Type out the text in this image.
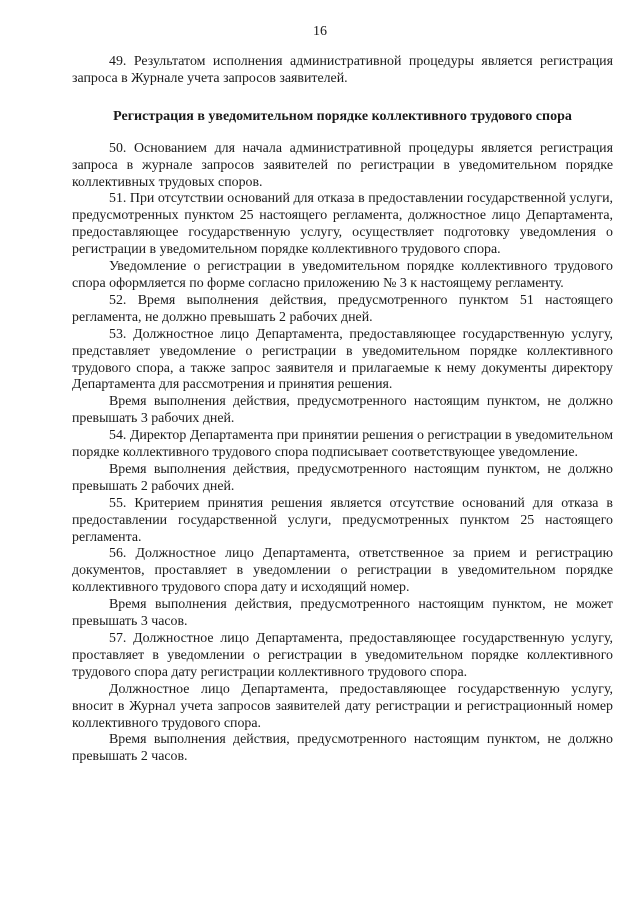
16

49. Результатом исполнения административной процедуры является регистрация запроса в Журнале учета запросов заявителей.

Регистрация в уведомительном порядке коллективного трудового спора

50. Основанием для начала административной процедуры является регистрация запроса в журнале запросов заявителей по регистрации в уведомительном порядке коллективных трудовых споров.

51. При отсутствии оснований для отказа в предоставлении государственной услуги, предусмотренных пунктом 25 настоящего регламента, должностное лицо Департамента, предоставляющее государственную услугу, осуществляет подготовку уведомления о регистрации в уведомительном порядке коллективного трудового спора.

Уведомление о регистрации в уведомительном порядке коллективного трудового спора оформляется по форме согласно приложению № 3 к настоящему регламенту.

52. Время выполнения действия, предусмотренного пунктом 51 настоящего регламента, не должно превышать 2 рабочих дней.

53. Должностное лицо Департамента, предоставляющее государственную услугу, представляет уведомление о регистрации в уведомительном порядке коллективного трудового спора, а также запрос заявителя и прилагаемые к нему документы директору Департамента для рассмотрения и принятия решения.

Время выполнения действия, предусмотренного настоящим пунктом, не должно превышать 3 рабочих дней.

54. Директор Департамента при принятии решения о регистрации в уведомительном порядке коллективного трудового спора подписывает соответствующее уведомление.

Время выполнения действия, предусмотренного настоящим пунктом, не должно превышать 2 рабочих дней.

55. Критерием принятия решения является отсутствие оснований для отказа в предоставлении государственной услуги, предусмотренных пунктом 25 настоящего регламента.

56. Должностное лицо Департамента, ответственное за прием и регистрацию документов, проставляет в уведомлении о регистрации в уведомительном порядке коллективного трудового спора дату и исходящий номер.

Время выполнения действия, предусмотренного настоящим пунктом, не может превышать 3 часов.

57. Должностное лицо Департамента, предоставляющее государственную услугу, проставляет в уведомлении о регистрации в уведомительном порядке коллективного трудового спора дату регистрации коллективного трудового спора.

Должностное лицо Департамента, предоставляющее государственную услугу, вносит в Журнал учета запросов заявителей дату регистрации и регистрационный номер коллективного трудового спора.

Время выполнения действия, предусмотренного настоящим пунктом, не должно превышать 2 часов.
